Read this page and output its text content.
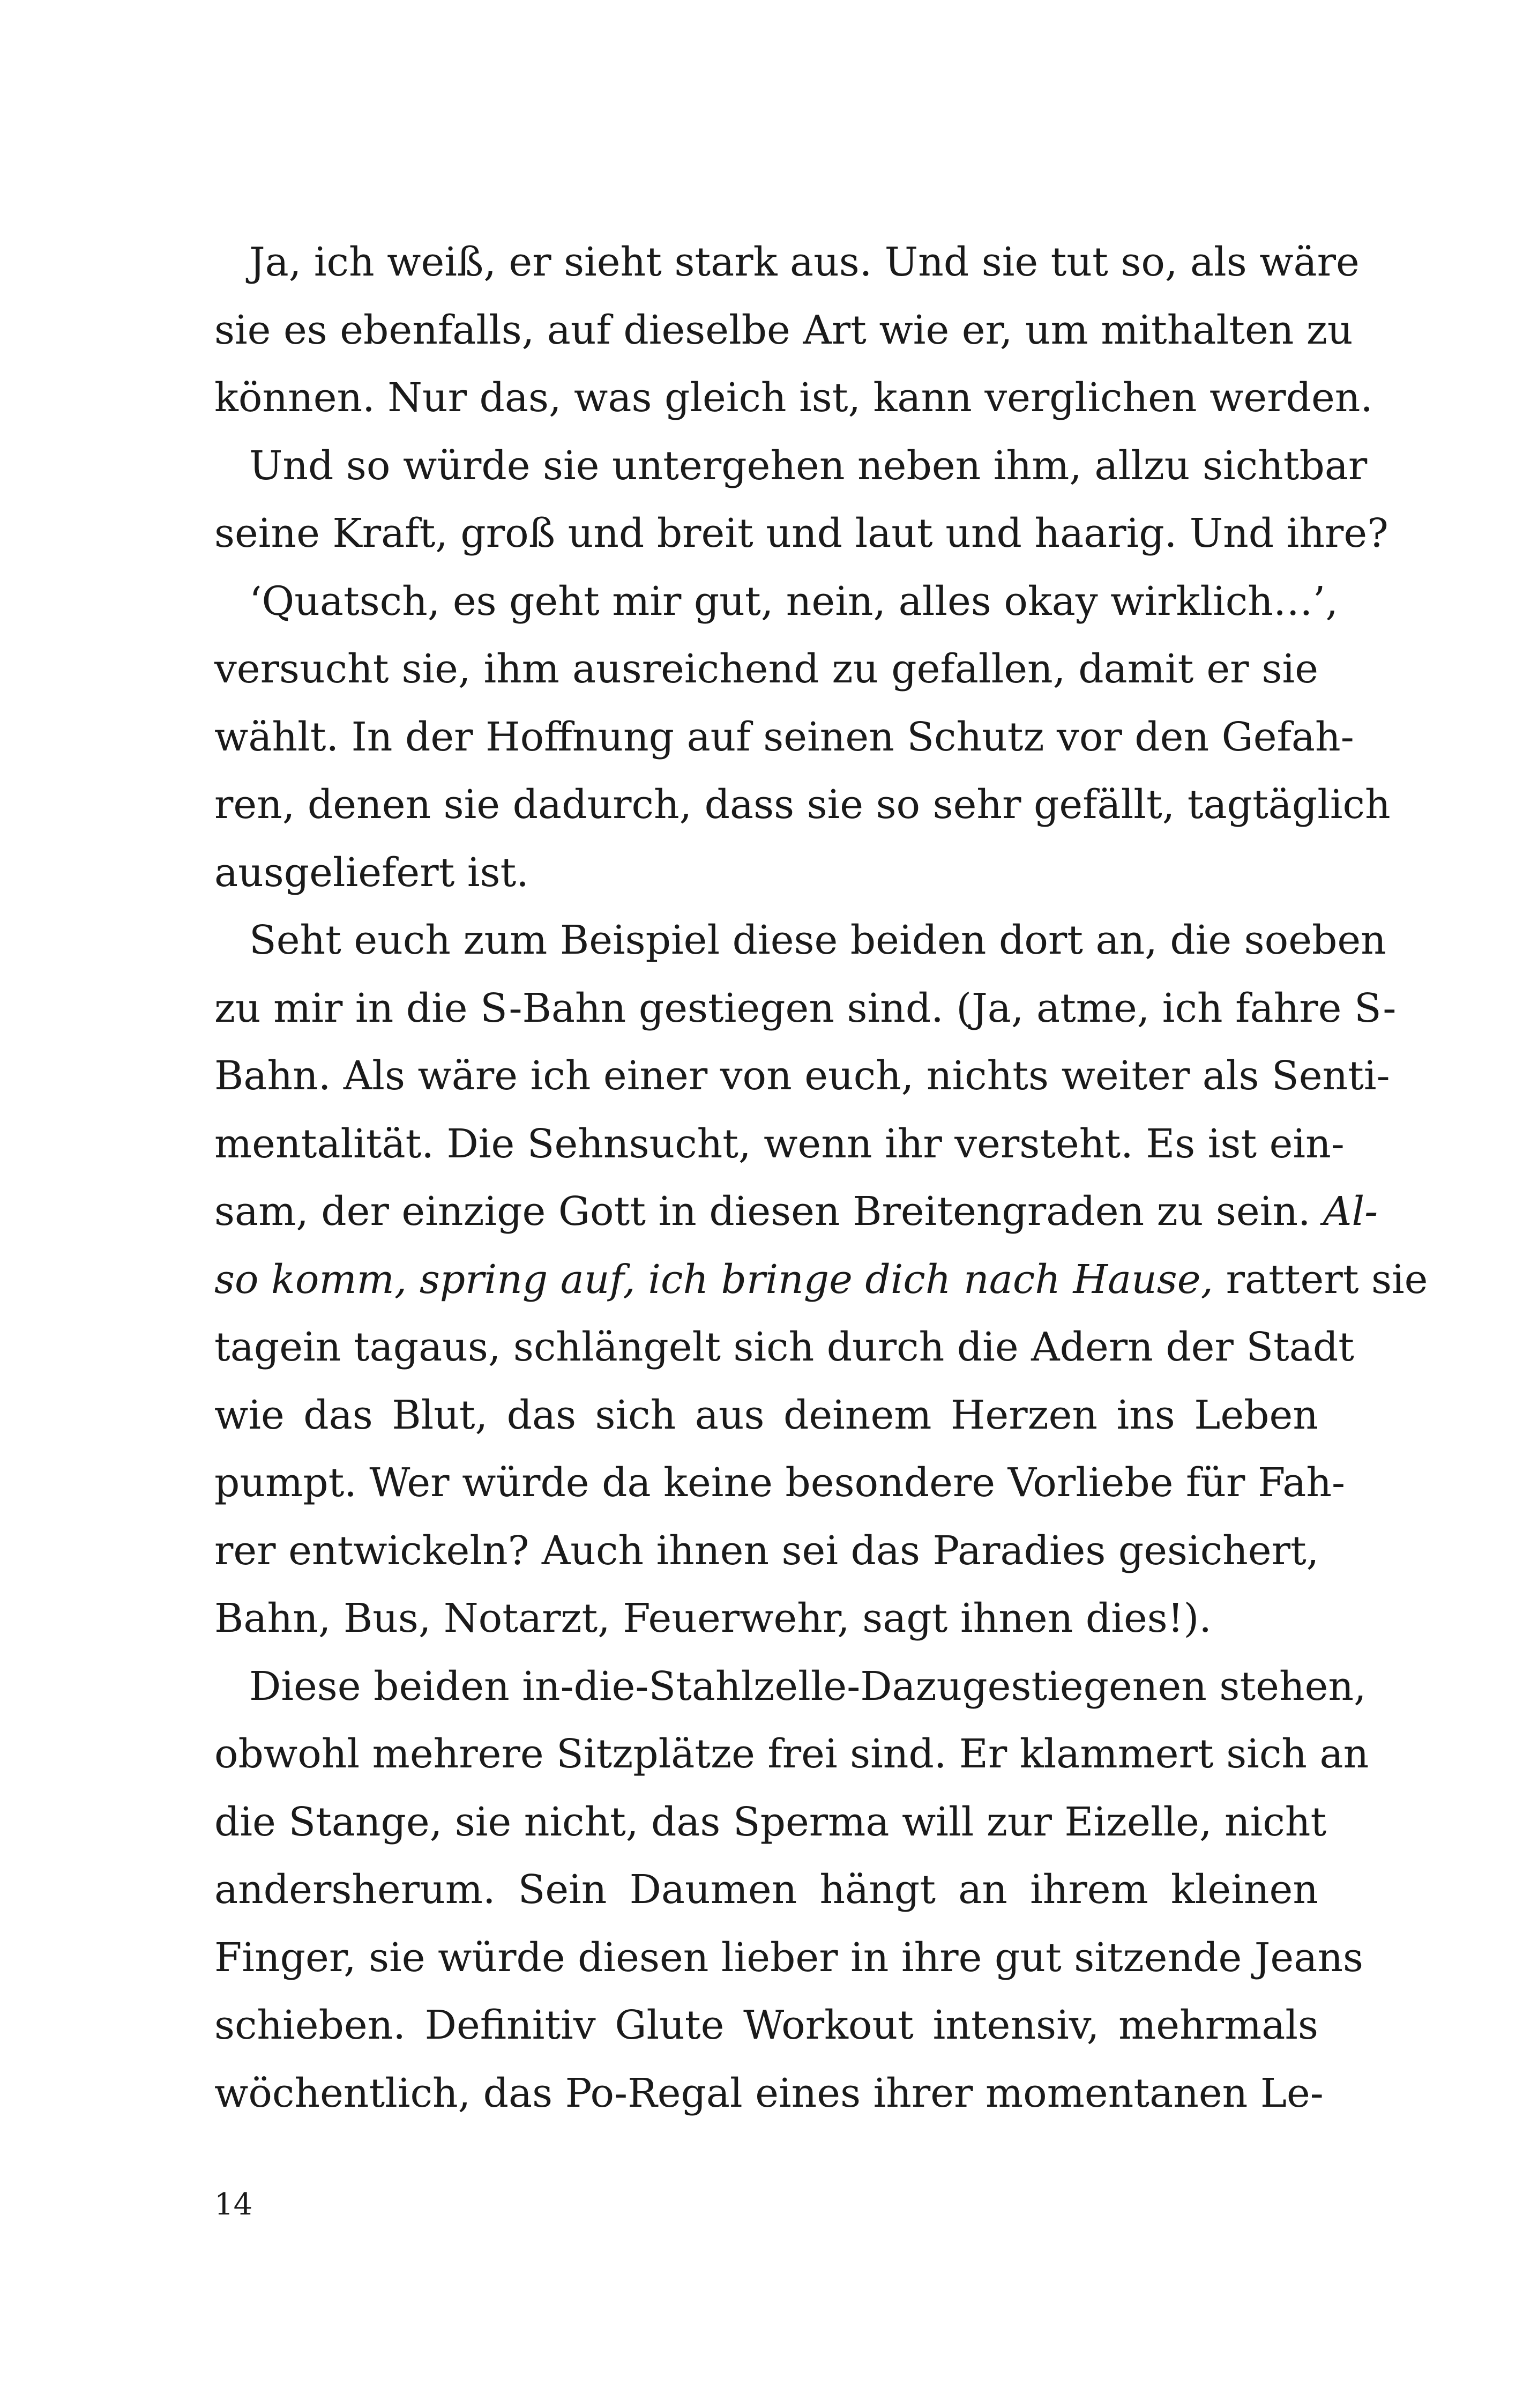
Ja, ich weiß, er sieht stark aus. Und sie tut so, als wäre
sie es ebenfalls, auf dieselbe Art wie er, um mithalten zu
können. Nur das, was gleich ist, kann verglichen werden.
Und so würde sie untergehen neben ihm, allzu sichtbar
seine Kraft, groß und breit und laut und haarig. Und ihre?
‘Quatsch, es geht mir gut, nein, alles okay wirklich…’,
versucht sie, ihm ausreichend zu gefallen, damit er sie
wählt. In der Hoffnung auf seinen Schutz vor den Gefah-
ren, denen sie dadurch, dass sie so sehr gefällt, tagtäglich
ausgeliefert ist.
Seht euch zum Beispiel diese beiden dort an, die soeben
zu mir in die S-Bahn gestiegen sind. (Ja, atme, ich fahre S-
Bahn. Als wäre ich einer von euch, nichts weiter als Senti-
mentalität. Die Sehnsucht, wenn ihr versteht. Es ist ein-
sam, der einzige Gott in diesen Breitengraden zu sein. Al-
so komm, spring auf, ich bringe dich nach Hause, rattert sie
tagein tagaus, schlängelt sich durch die Adern der Stadt
wie das Blut, das sich aus deinem Herzen ins Leben
pumpt. Wer würde da keine besondere Vorliebe für Fah-
rer entwickeln? Auch ihnen sei das Paradies gesichert,
Bahn, Bus, Notarzt, Feuerwehr, sagt ihnen dies!).
Diese beiden in-die-Stahlzelle-Dazugestiegenen stehen,
obwohl mehrere Sitzplätze frei sind. Er klammert sich an
die Stange, sie nicht, das Sperma will zur Eizelle, nicht
andersherum. Sein Daumen hängt an ihrem kleinen
Finger, sie würde diesen lieber in ihre gut sitzende Jeans
schieben. Definitiv Glute Workout intensiv, mehrmals
wöchentlich, das Po-Regal eines ihrer momentanen Le-
14
